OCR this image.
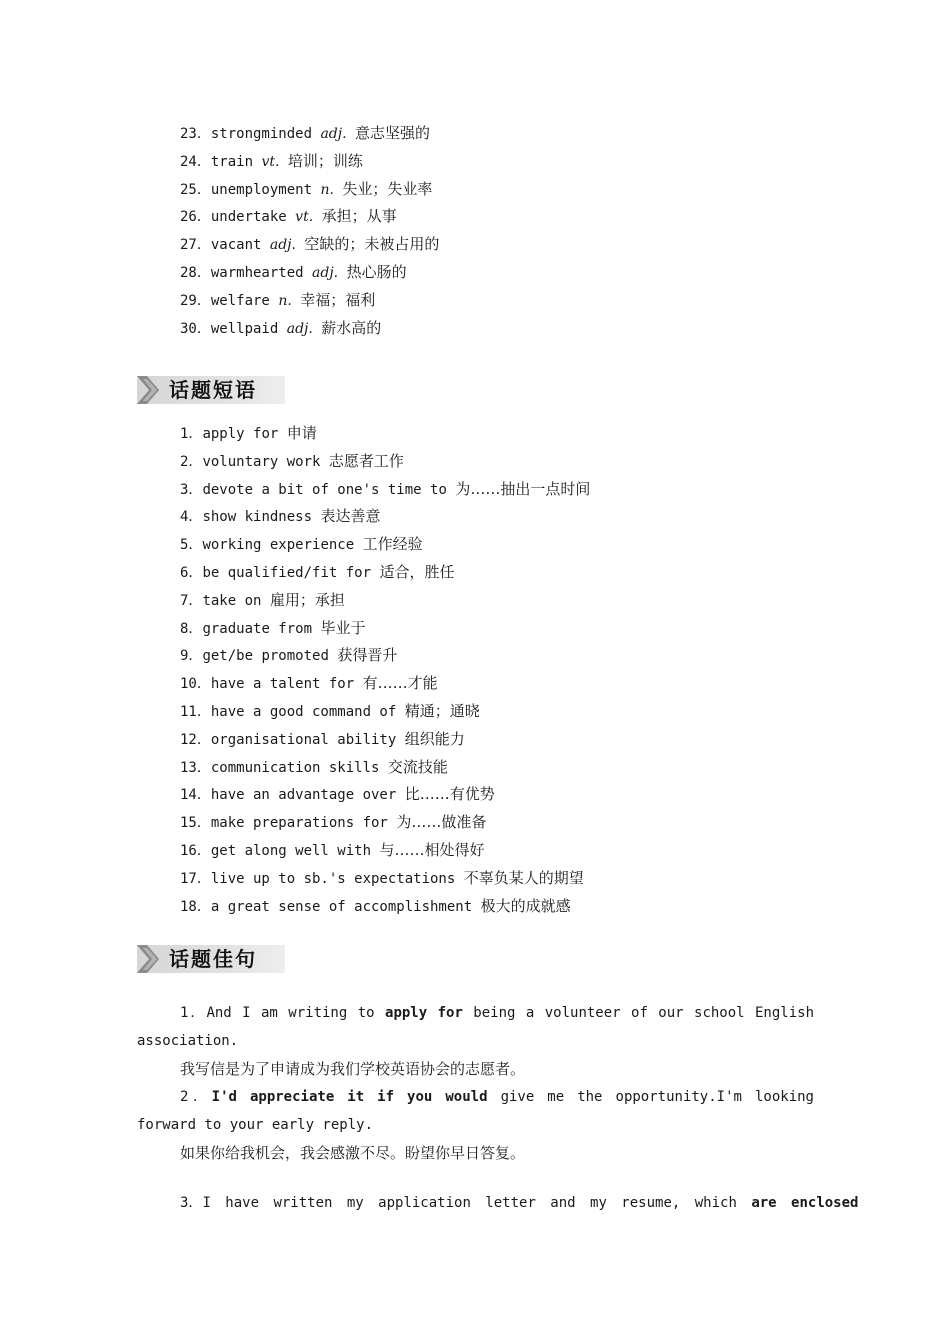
23．strongminded adj. 意志坚强的
24．train vt. 培训；训练
25．unemployment n. 失业；失业率
26．undertake vt. 承担；从事
27．vacant adj. 空缺的；未被占用的
28．warmhearted adj. 热心肠的
29．welfare n. 幸福；福利
30．wellpaid adj. 薪水高的
话题短语
1．apply for 申请
2．voluntary work 志愿者工作
3．devote a bit of one's time to 为……抽出一点时间
4．show kindness 表达善意
5．working experience 工作经验
6．be qualified/fit for 适合，胜任
7．take on 雇用；承担
8．graduate from 毕业于
9．get/be promoted 获得晋升
10．have a talent for 有……才能
11．have a good command of 精通；通晓
12．organisational ability 组织能力
13．communication skills 交流技能
14．have an advantage over 比……有优势
15．make preparations for 为……做准备
16．get along well with 与……相处得好
17．live up to sb.'s expectations 不辜负某人的期望
18．a great sense of accomplishment 极大的成就感
话题佳句

1．And I am writing to apply for being a volunteer of our school English association.

我写信是为了申请成为我们学校英语协会的志愿者。

2．I'd appreciate it if you would give me the opportunity.I'm looking forward to your early reply.

如果你给我机会，我会感激不尽。盼望你早日答复。

3．I have written my application letter and my resume, which are enclosed
